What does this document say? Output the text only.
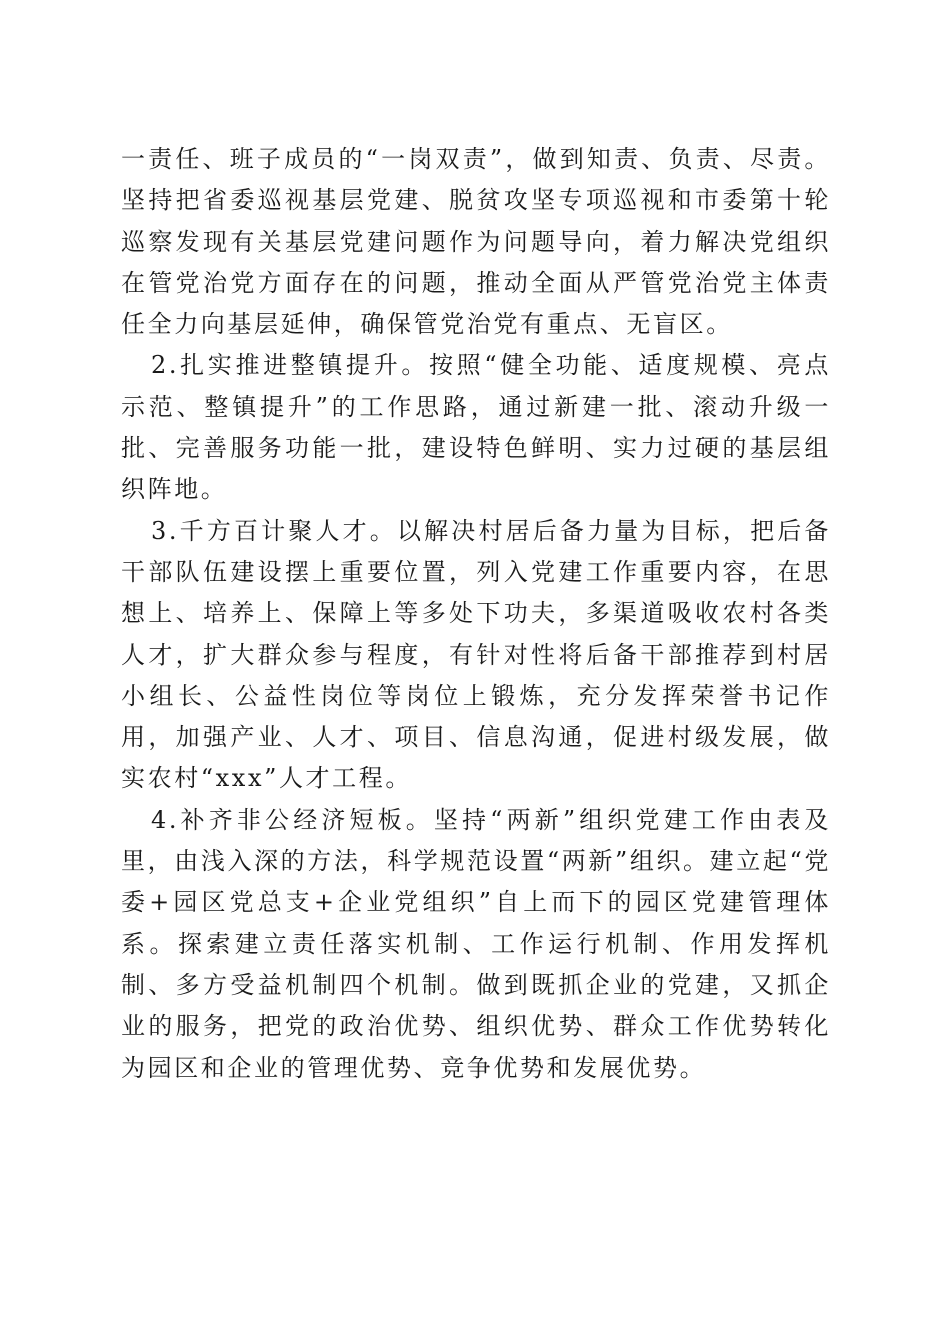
一责任、班子成员的“一岗双责”，做到知责、负责、尽责。坚持把省委巡视基层党建、脱贫攻坚专项巡视和市委第十轮巡察发现有关基层党建问题作为问题导向，着力解决党组织在管党治党方面存在的问题，推动全面从严管党治党主体责任全力向基层延伸，确保管党治党有重点、无盲区。

2.扎实推进整镇提升。按照“健全功能、适度规模、亮点示范、整镇提升”的工作思路，通过新建一批、滚动升级一批、完善服务功能一批，建设特色鲜明、实力过硬的基层组织阵地。

3.千方百计聚人才。以解决村居后备力量为目标，把后备干部队伍建设摆上重要位置，列入党建工作重要内容，在思想上、培养上、保障上等多处下功夫，多渠道吸收农村各类人才，扩大群众参与程度，有针对性将后备干部推荐到村居小组长、公益性岗位等岗位上锻炼，充分发挥荣誉书记作用，加强产业、人才、项目、信息沟通，促进村级发展，做实农村“xxx”人才工程。

4.补齐非公经济短板。坚持“两新”组织党建工作由表及里，由浅入深的方法，科学规范设置“两新”组织。建立起“党委+园区党总支+企业党组织”自上而下的园区党建管理体系。探索建立责任落实机制、工作运行机制、作用发挥机制、多方受益机制四个机制。做到既抓企业的党建，又抓企业的服务，把党的政治优势、组织优势、群众工作优势转化为园区和企业的管理优势、竞争优势和发展优势。
